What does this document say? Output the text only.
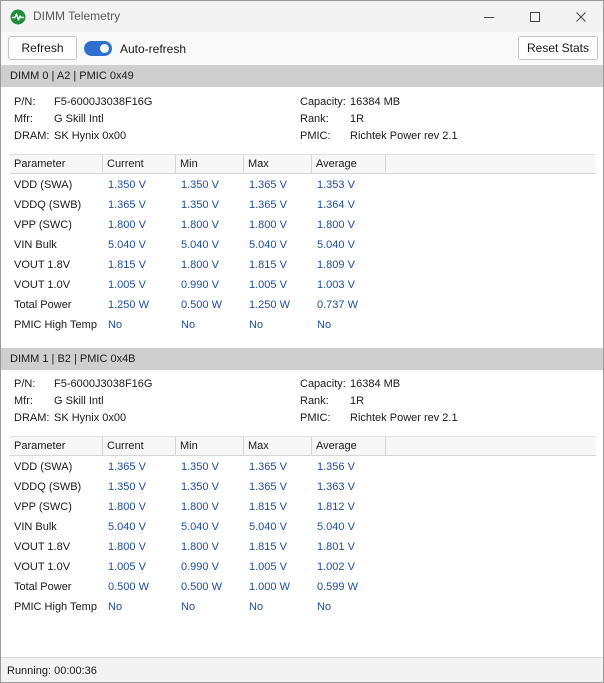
DIMM Telemetry
Refresh	Auto-refresh	Reset Stats
DIMM 0 | A2 | PMIC 0x49
P/N: F5-6000J3038F16G
Mfr: G Skill Intl
DRAM: SK Hynix 0x00
Capacity: 16384 MB
Rank: 1R
PMIC: Richtek Power rev 2.1
Parameter	Current	Min	Max	Average
VDD (SWA)	1.350 V	1.350 V	1.365 V	1.353 V
VDDQ (SWB)	1.365 V	1.350 V	1.365 V	1.364 V
VPP (SWC)	1.800 V	1.800 V	1.800 V	1.800 V
VIN Bulk	5.040 V	5.040 V	5.040 V	5.040 V
VOUT 1.8V	1.815 V	1.800 V	1.815 V	1.809 V
VOUT 1.0V	1.005 V	0.990 V	1.005 V	1.003 V
Total Power	1.250 W	0.500 W	1.250 W	0.737 W
PMIC High Temp	No	No	No	No
DIMM 1 | B2 | PMIC 0x4B
P/N: F5-6000J3038F16G
Mfr: G Skill Intl
DRAM: SK Hynix 0x00
Capacity: 16384 MB
Rank: 1R
PMIC: Richtek Power rev 2.1
Parameter	Current	Min	Max	Average
VDD (SWA)	1.365 V	1.350 V	1.365 V	1.356 V
VDDQ (SWB)	1.350 V	1.350 V	1.365 V	1.363 V
VPP (SWC)	1.800 V	1.800 V	1.815 V	1.812 V
VIN Bulk	5.040 V	5.040 V	5.040 V	5.040 V
VOUT 1.8V	1.800 V	1.800 V	1.815 V	1.801 V
VOUT 1.0V	1.005 V	0.990 V	1.005 V	1.002 V
Total Power	0.500 W	0.500 W	1.000 W	0.599 W
PMIC High Temp	No	No	No	No
Running: 00:00:36
